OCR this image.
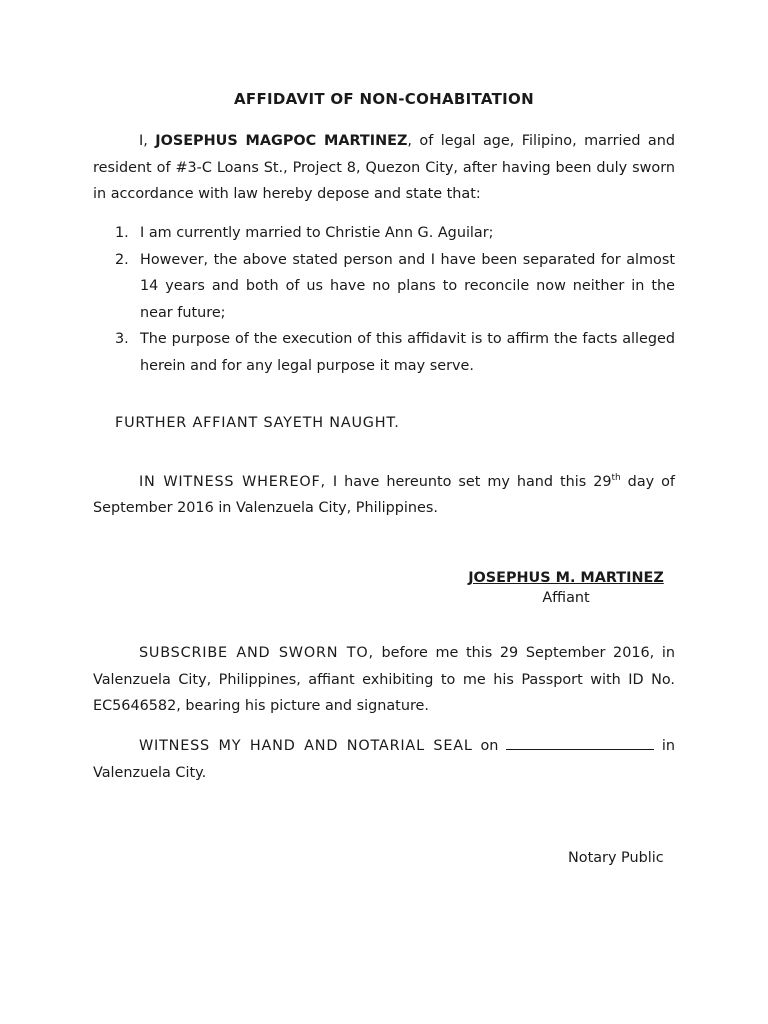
AFFIDAVIT OF NON-COHABITATION

I, JOSEPHUS MAGPOC MARTINEZ, of legal age, Filipino, married and resident of #3-C Loans St., Project 8, Quezon City, after having been duly sworn in accordance with law hereby depose and state that:

1. I am currently married to Christie Ann G. Aguilar;
2. However, the above stated person and I have been separated for almost 14 years and both of us have no plans to reconcile now neither in the near future;
3. The purpose of the execution of this affidavit is to affirm the facts alleged herein and for any legal purpose it may serve.

FURTHER AFFIANT SAYETH NAUGHT.

IN WITNESS WHEREOF, I have hereunto set my hand this 29th day of September 2016 in Valenzuela City, Philippines.

JOSEPHUS M. MARTINEZ
Affiant

SUBSCRIBE AND SWORN TO, before me this 29 September 2016, in Valenzuela City, Philippines, affiant exhibiting to me his Passport with ID No. EC5646582, bearing his picture and signature.

WITNESS MY HAND AND NOTARIAL SEAL on	in Valenzuela City.

Notary Public
